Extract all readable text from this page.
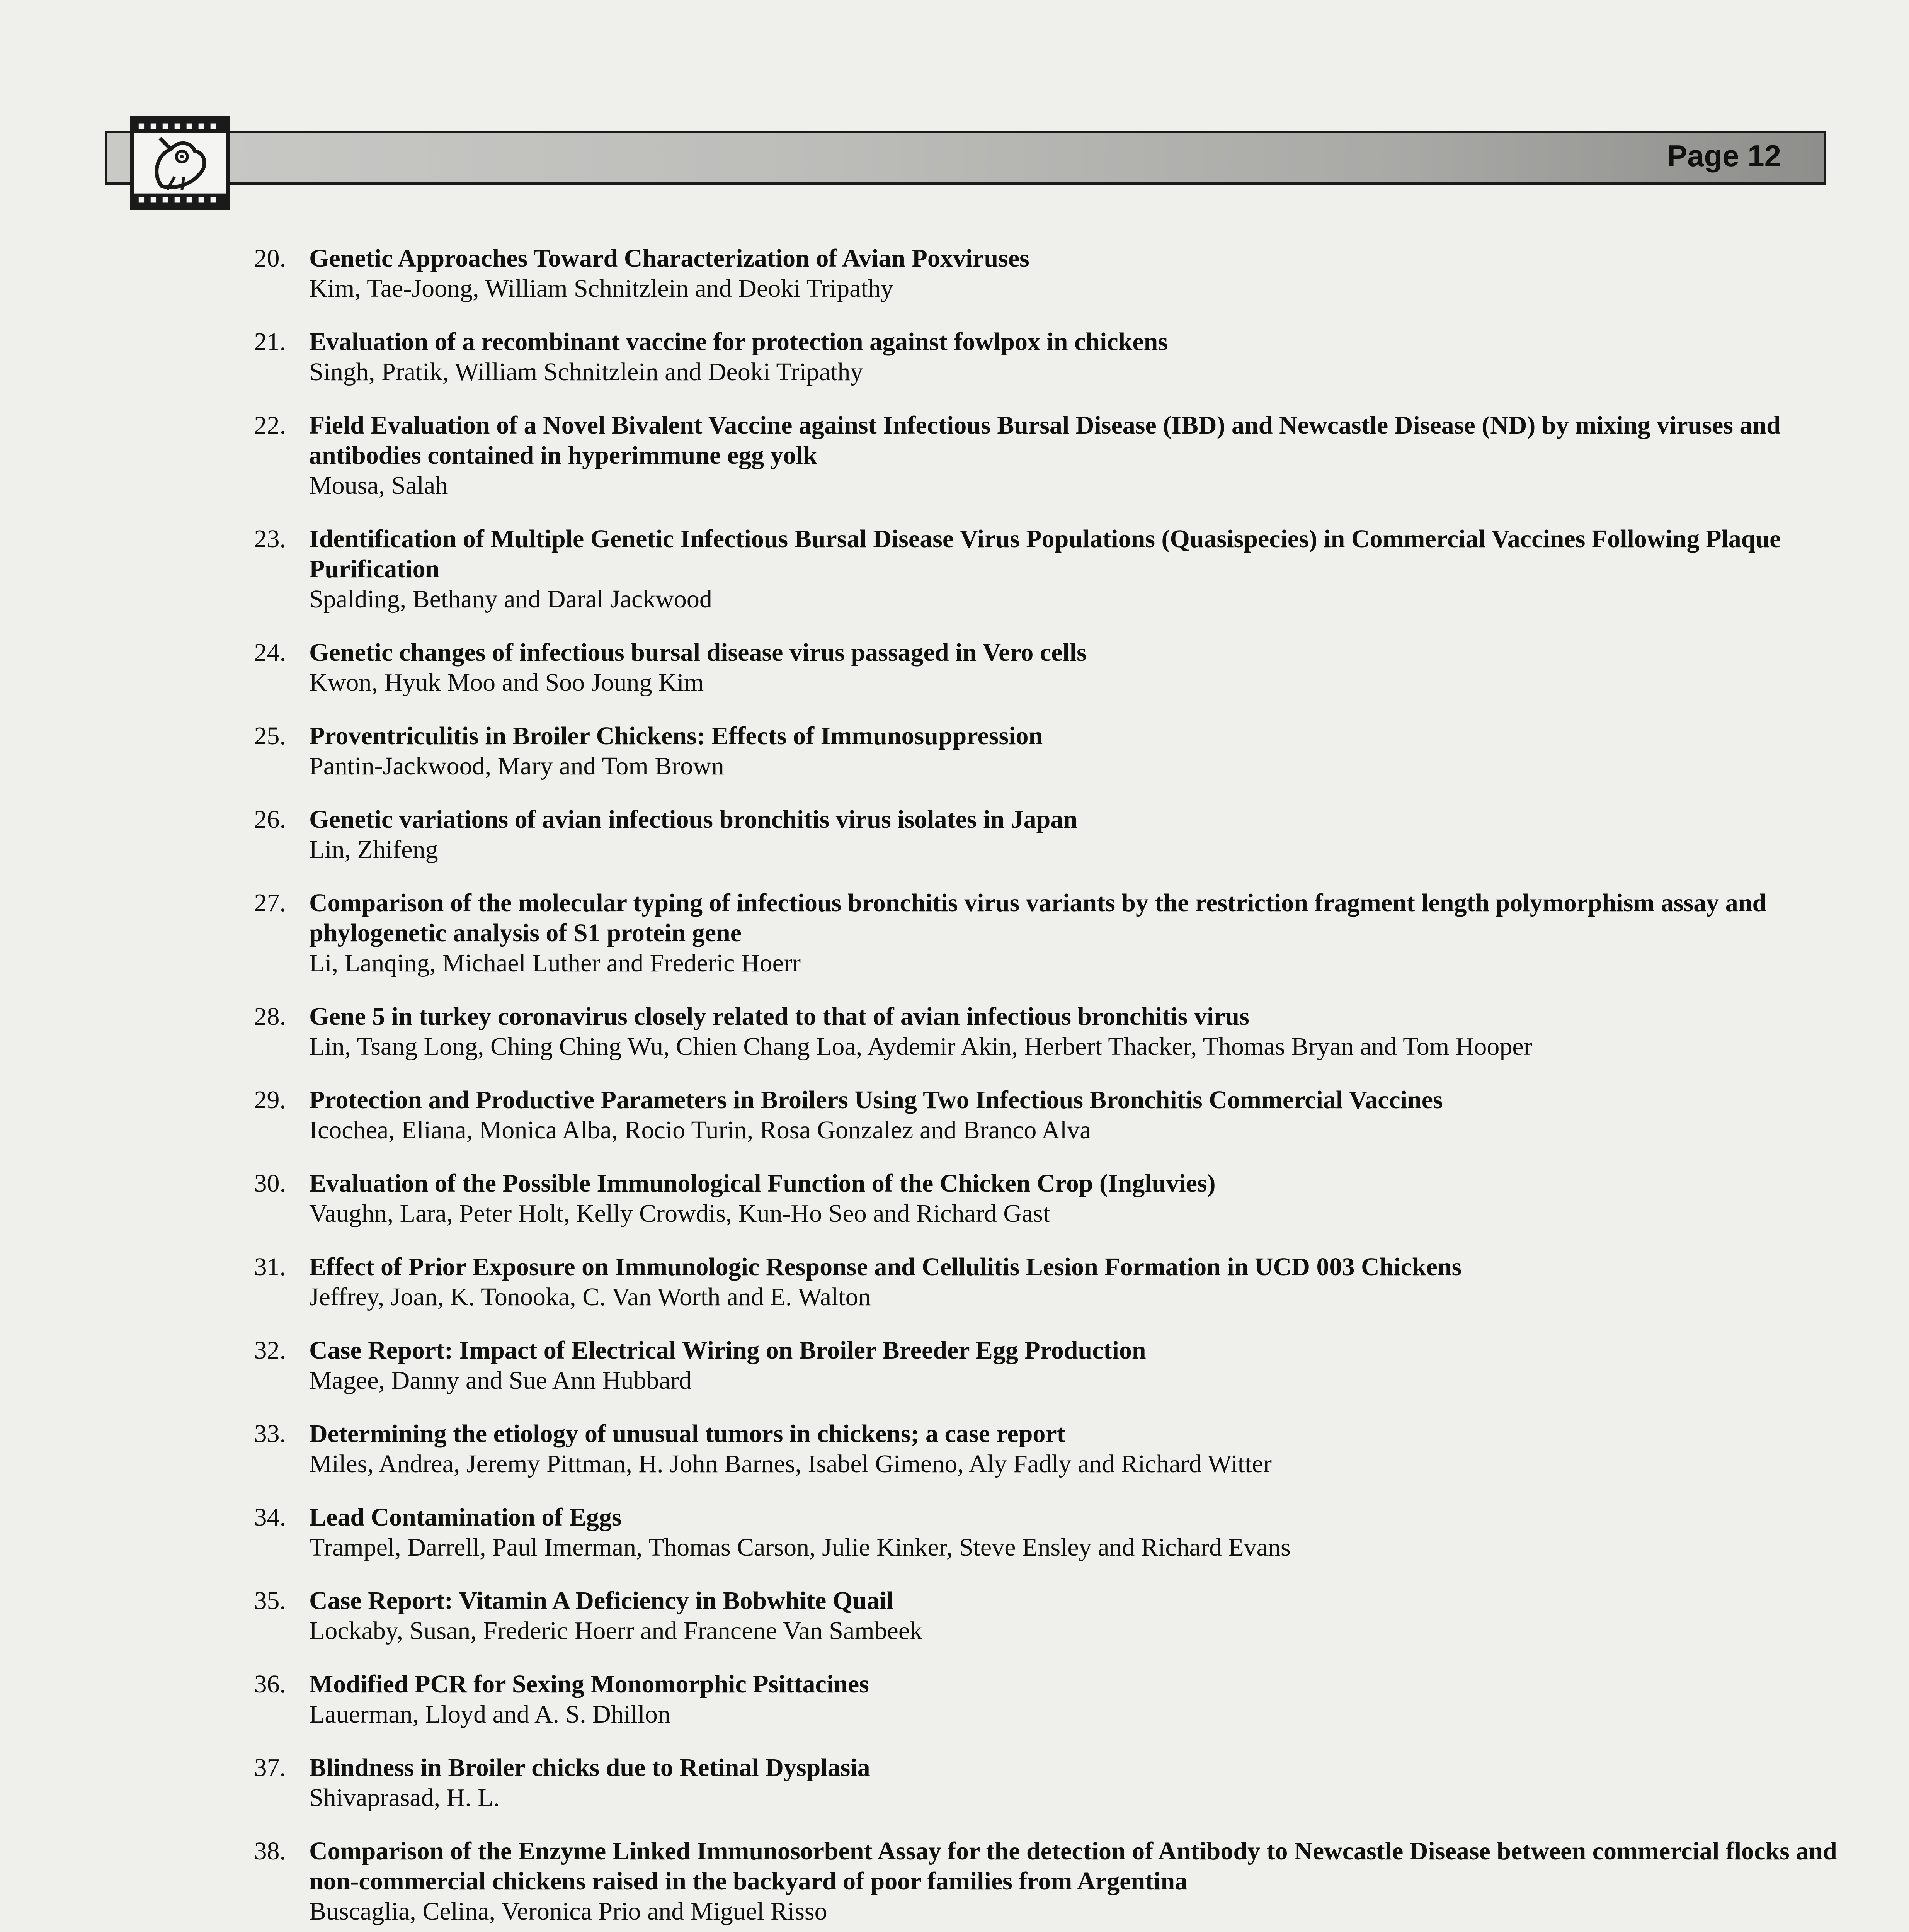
Page 12
20. Genetic Approaches Toward Characterization of Avian Poxviruses
Kim, Tae-Joong, William Schnitzlein and Deoki Tripathy
21. Evaluation of a recombinant vaccine for protection against fowlpox in chickens
Singh, Pratik, William Schnitzlein and Deoki Tripathy
22. Field Evaluation of a Novel Bivalent Vaccine against Infectious Bursal Disease (IBD) and Newcastle Disease (ND) by mixing viruses and antibodies contained in hyperimmune egg yolk
Mousa, Salah
23. Identification of Multiple Genetic Infectious Bursal Disease Virus Populations (Quasispecies) in Commercial Vaccines Following Plaque Purification
Spalding, Bethany and Daral Jackwood
24. Genetic changes of infectious bursal disease virus passaged in Vero cells
Kwon, Hyuk Moo and Soo Joung Kim
25. Proventriculitis in Broiler Chickens: Effects of Immunosuppression
Pantin-Jackwood, Mary and Tom Brown
26. Genetic variations of avian infectious bronchitis virus isolates in Japan
Lin, Zhifeng
27. Comparison of the molecular typing of infectious bronchitis virus variants by the restriction fragment length polymorphism assay and phylogenetic analysis of S1 protein gene
Li, Lanqing, Michael Luther and Frederic Hoerr
28. Gene 5 in turkey coronavirus closely related to that of avian infectious bronchitis virus
Lin, Tsang Long, Ching Ching Wu, Chien Chang Loa, Aydemir Akin, Herbert Thacker, Thomas Bryan and Tom Hooper
29. Protection and Productive Parameters in Broilers Using Two Infectious Bronchitis Commercial Vaccines
Icochea, Eliana, Monica Alba, Rocio Turin, Rosa Gonzalez and Branco Alva
30. Evaluation of the Possible Immunological Function of the Chicken Crop (Ingluvies)
Vaughn, Lara, Peter Holt, Kelly Crowdis, Kun-Ho Seo and Richard Gast
31. Effect of Prior Exposure on Immunologic Response and Cellulitis Lesion Formation in UCD 003 Chickens
Jeffrey, Joan, K. Tonooka, C. Van Worth and E. Walton
32. Case Report: Impact of Electrical Wiring on Broiler Breeder Egg Production
Magee, Danny and Sue Ann Hubbard
33. Determining the etiology of unusual tumors in chickens; a case report
Miles, Andrea, Jeremy Pittman, H. John Barnes, Isabel Gimeno, Aly Fadly and Richard Witter
34. Lead Contamination of Eggs
Trampel, Darrell, Paul Imerman, Thomas Carson, Julie Kinker, Steve Ensley and Richard Evans
35. Case Report: Vitamin A Deficiency in Bobwhite Quail
Lockaby, Susan, Frederic Hoerr and Francene Van Sambeek
36. Modified PCR for Sexing Monomorphic Psittacines
Lauerman, Lloyd and A. S. Dhillon
37. Blindness in Broiler chicks due to Retinal Dysplasia
Shivaprasad, H. L.
38. Comparison of the Enzyme Linked Immunosorbent Assay for the detection of Antibody to Newcastle Disease between commercial flocks and non-commercial chickens raised in the backyard of poor families from Argentina
Buscaglia, Celina, Veronica Prio and Miguel Risso
